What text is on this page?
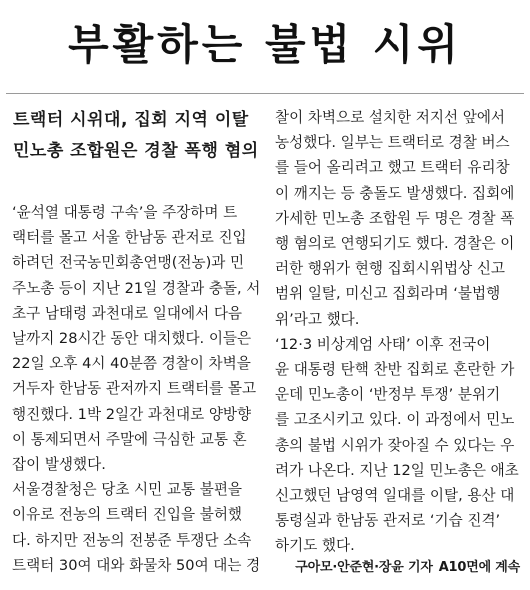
부활하는 불법 시위
트랙터 시위대, 집회 지역 이탈
민노총 조합원은 경찰 폭행 혐의
‘윤석열 대통령 구속’을 주장하며 트
랙터를 몰고 서울 한남동 관저로 진입
하려던 전국농민회총연맹(전농)과 민
주노총 등이 지난 21일 경찰과 충돌, 서
초구 남태령 과천대로 일대에서 다음
날까지 28시간 동안 대치했다. 이들은
22일 오후 4시 40분쯤 경찰이 차벽을
거두자 한남동 관저까지 트랙터를 몰고
행진했다. 1박 2일간 과천대로 양방향
이 통제되면서 주말에 극심한 교통 혼
잡이 발생했다.
서울경찰청은 당초 시민 교통 불편을
이유로 전농의 트랙터 진입을 불허했
다. 하지만 전농의 전봉준 투쟁단 소속
트랙터 30여 대와 화물차 50여 대는 경
찰이 차벽으로 설치한 저지선 앞에서
농성했다. 일부는 트랙터로 경찰 버스
를 들어 올리려고 했고 트랙터 유리창
이 깨지는 등 충돌도 발생했다. 집회에
가세한 민노총 조합원 두 명은 경찰 폭
행 혐의로 연행되기도 했다. 경찰은 이
러한 행위가 현행 집회시위법상 신고
범위 일탈, 미신고 집회라며 ‘불법행
위’라고 했다.
‘12·3 비상계엄 사태’ 이후 전국이
윤 대통령 탄핵 찬반 집회로 혼란한 가
운데 민노총이 ‘반정부 투쟁’ 분위기
를 고조시키고 있다. 이 과정에서 민노
총의 불법 시위가 잦아질 수 있다는 우
려가 나온다. 지난 12일 민노총은 애초
신고했던 남영역 일대를 이탈, 용산 대
통령실과 한남동 관저로 ‘기습 진격’
하기도 했다.
구아모·안준현·장윤 기자 A10면에 계속
